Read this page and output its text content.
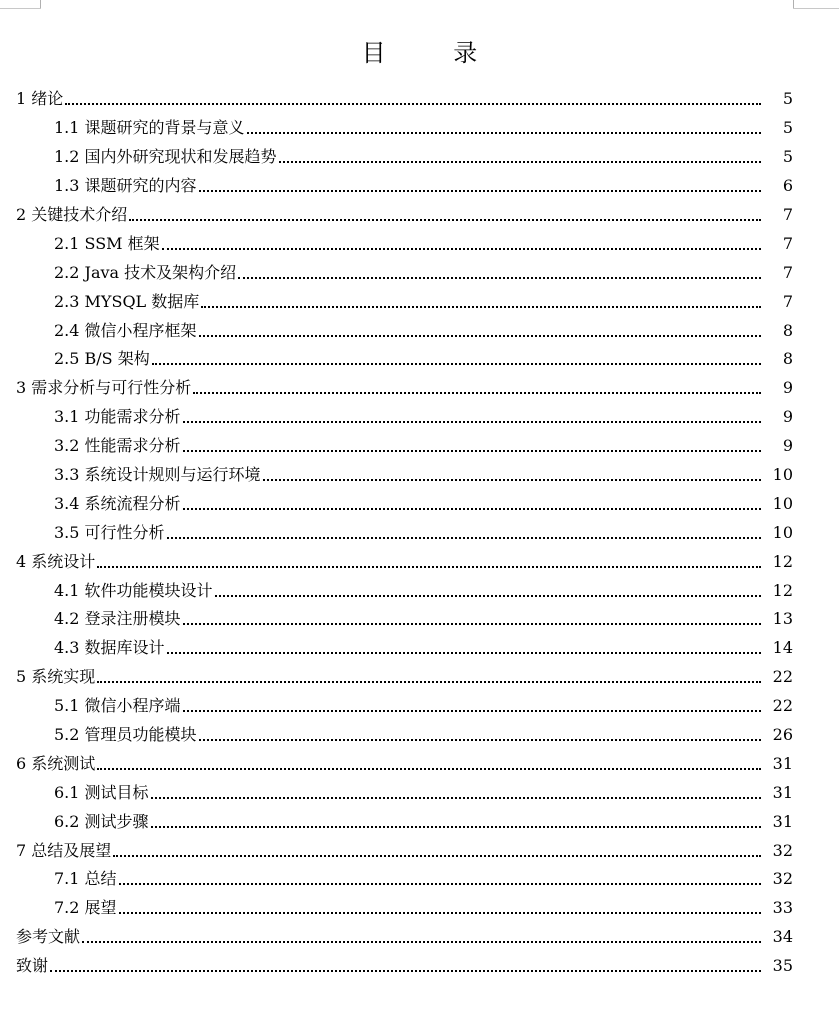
目 录
1 绪论	5
1.1 课题研究的背景与意义	5
1.2 国内外研究现状和发展趋势	5
1.3 课题研究的内容	6
2 关键技术介绍	7
2.1 SSM 框架	7
2.2 Java 技术及架构介绍	7
2.3 MYSQL 数据库	7
2.4 微信小程序框架	8
2.5 B/S 架构	8
3 需求分析与可行性分析	9
3.1 功能需求分析	9
3.2 性能需求分析	9
3.3 系统设计规则与运行环境	10
3.4 系统流程分析	10
3.5 可行性分析	10
4 系统设计	12
4.1 软件功能模块设计	12
4.2 登录注册模块	13
4.3 数据库设计	14
5 系统实现	22
5.1 微信小程序端	22
5.2 管理员功能模块	26
6 系统测试	31
6.1 测试目标	31
6.2 测试步骤	31
7 总结及展望	32
7.1 总结	32
7.2 展望	33
参考文献	34
致谢	35
